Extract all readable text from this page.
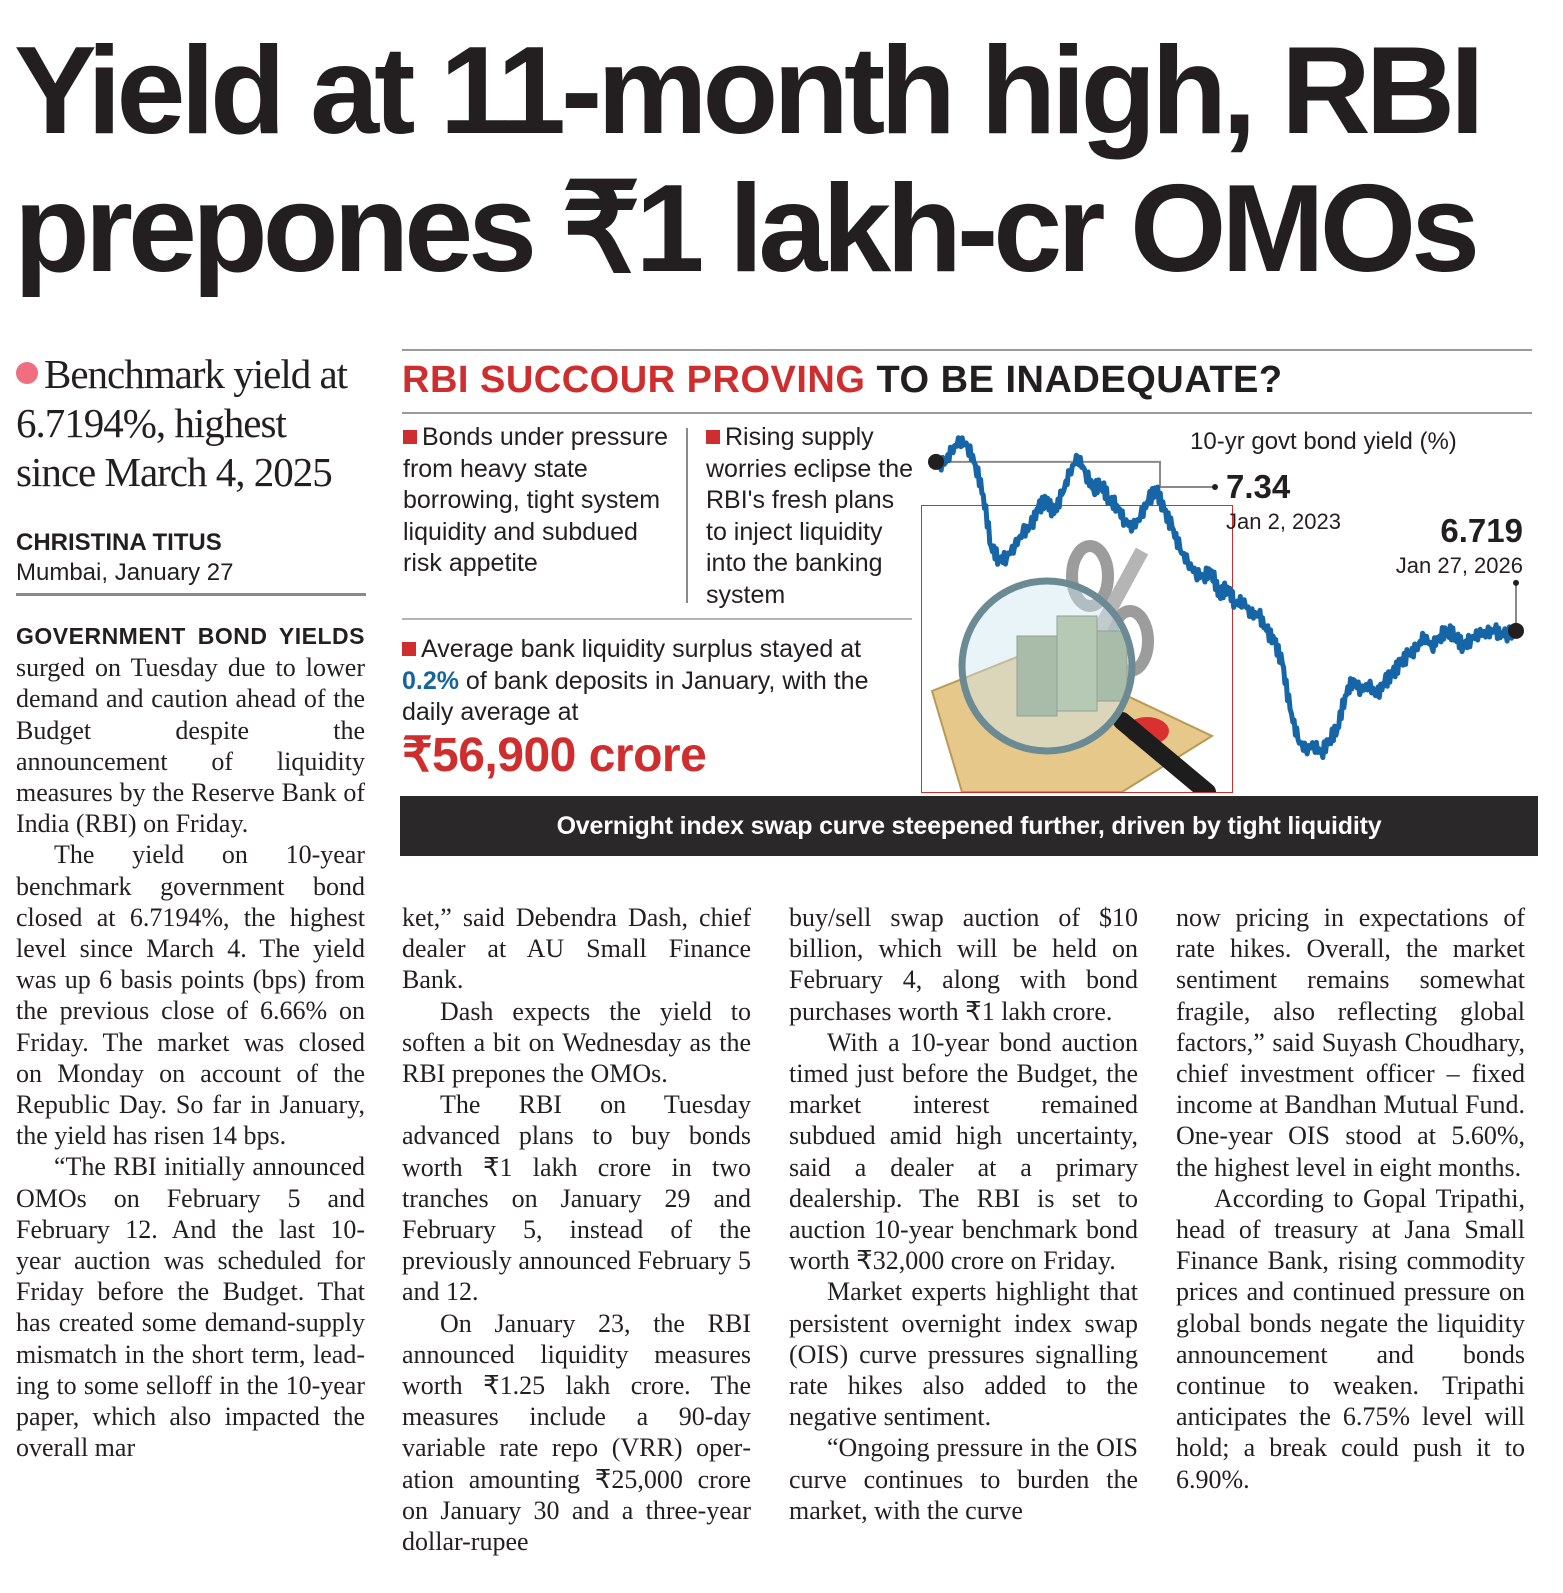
Yield at 11-month high, RBI
prepones ₹1 lakh-cr OMOs
Benchmark yield at 6.7194%, highest since March 4, 2025
CHRISTINA TITUS
Mumbai, January 27

GOVERNMENT BOND YIELDS surged on Tuesday due to lower demand and caution ahead of the Budget despite the announcement of liquidity measures by the Reserve Bank of India (RBI) on Friday.

The yield on 10-year benchmark government bond closed at 6.7194%, the highest level since March 4. The yield was up 6 basis points (bps) from the previous close of 6.66% on Friday. The market was closed on Monday on account of the Republic Day. So far in January, the yield has risen 14 bps.

“The RBI initially announced OMOs on February 5 and February 12. And the last 10-year auction was scheduled for Friday before the Budget. That has created some demand-supply mismatch in the short term, leading to some selloff in the 10-year paper, which also impacted the overall mar

RBI SUCCOUR PROVING TO BE INADEQUATE?
Bonds under pressure from heavy state borrowing, tight system liquidity and subdued risk appetite
Rising supply worries eclipse the RBI's fresh plans to inject liquidity into the banking system
Average bank liquidity surplus stayed at 0.2% of bank deposits in January, with the daily average at
₹56,900 crore
10-yr govt bond yield (%)
7.34
Jan 2, 2023	6.719
Jan 27, 2026
Overnight index swap curve steepened further, driven by tight liquidity

ket,” said Debendra Dash, chief dealer at AU Small Finance Bank.

Dash expects the yield to soften a bit on Wednesday as the RBI prepones the OMOs.

The RBI on Tuesday advanced plans to buy bonds worth ₹1 lakh crore in two tranches on January 29 and February 5, instead of the previously announced February 5 and 12.

On January 23, the RBI announced liquidity measures worth ₹1.25 lakh crore. The measures include a 90-day variable rate repo (VRR) operation amounting ₹25,000 crore on January 30 and a three-year dollar-rupee

buy/sell swap auction of $10 billion, which will be held on February 4, along with bond purchases worth ₹1 lakh crore.

With a 10-year bond auction timed just before the Budget, the market interest remained subdued amid high uncertainty, said a dealer at a primary dealership. The RBI is set to auction 10-year benchmark bond worth ₹32,000 crore on Friday.

Market experts highlight that persistent overnight index swap (OIS) curve pressures signalling rate hikes also added to the negative sentiment.

“Ongoing pressure in the OIS curve continues to burden the market, with the curve

now pricing in expectations of rate hikes. Overall, the market sentiment remains somewhat fragile, also reflecting global factors,” said Suyash Choudhary, chief investment officer – fixed income at Bandhan Mutual Fund. One-year OIS stood at 5.60%, the highest level in eight months.

According to Gopal Tripathi, head of treasury at Jana Small Finance Bank, rising commodity prices and continued pressure on global bonds negate the liquidity announcement and bonds continue to weaken. Tripathi anticipates the 6.75% level will hold; a break could push it to 6.90%.
